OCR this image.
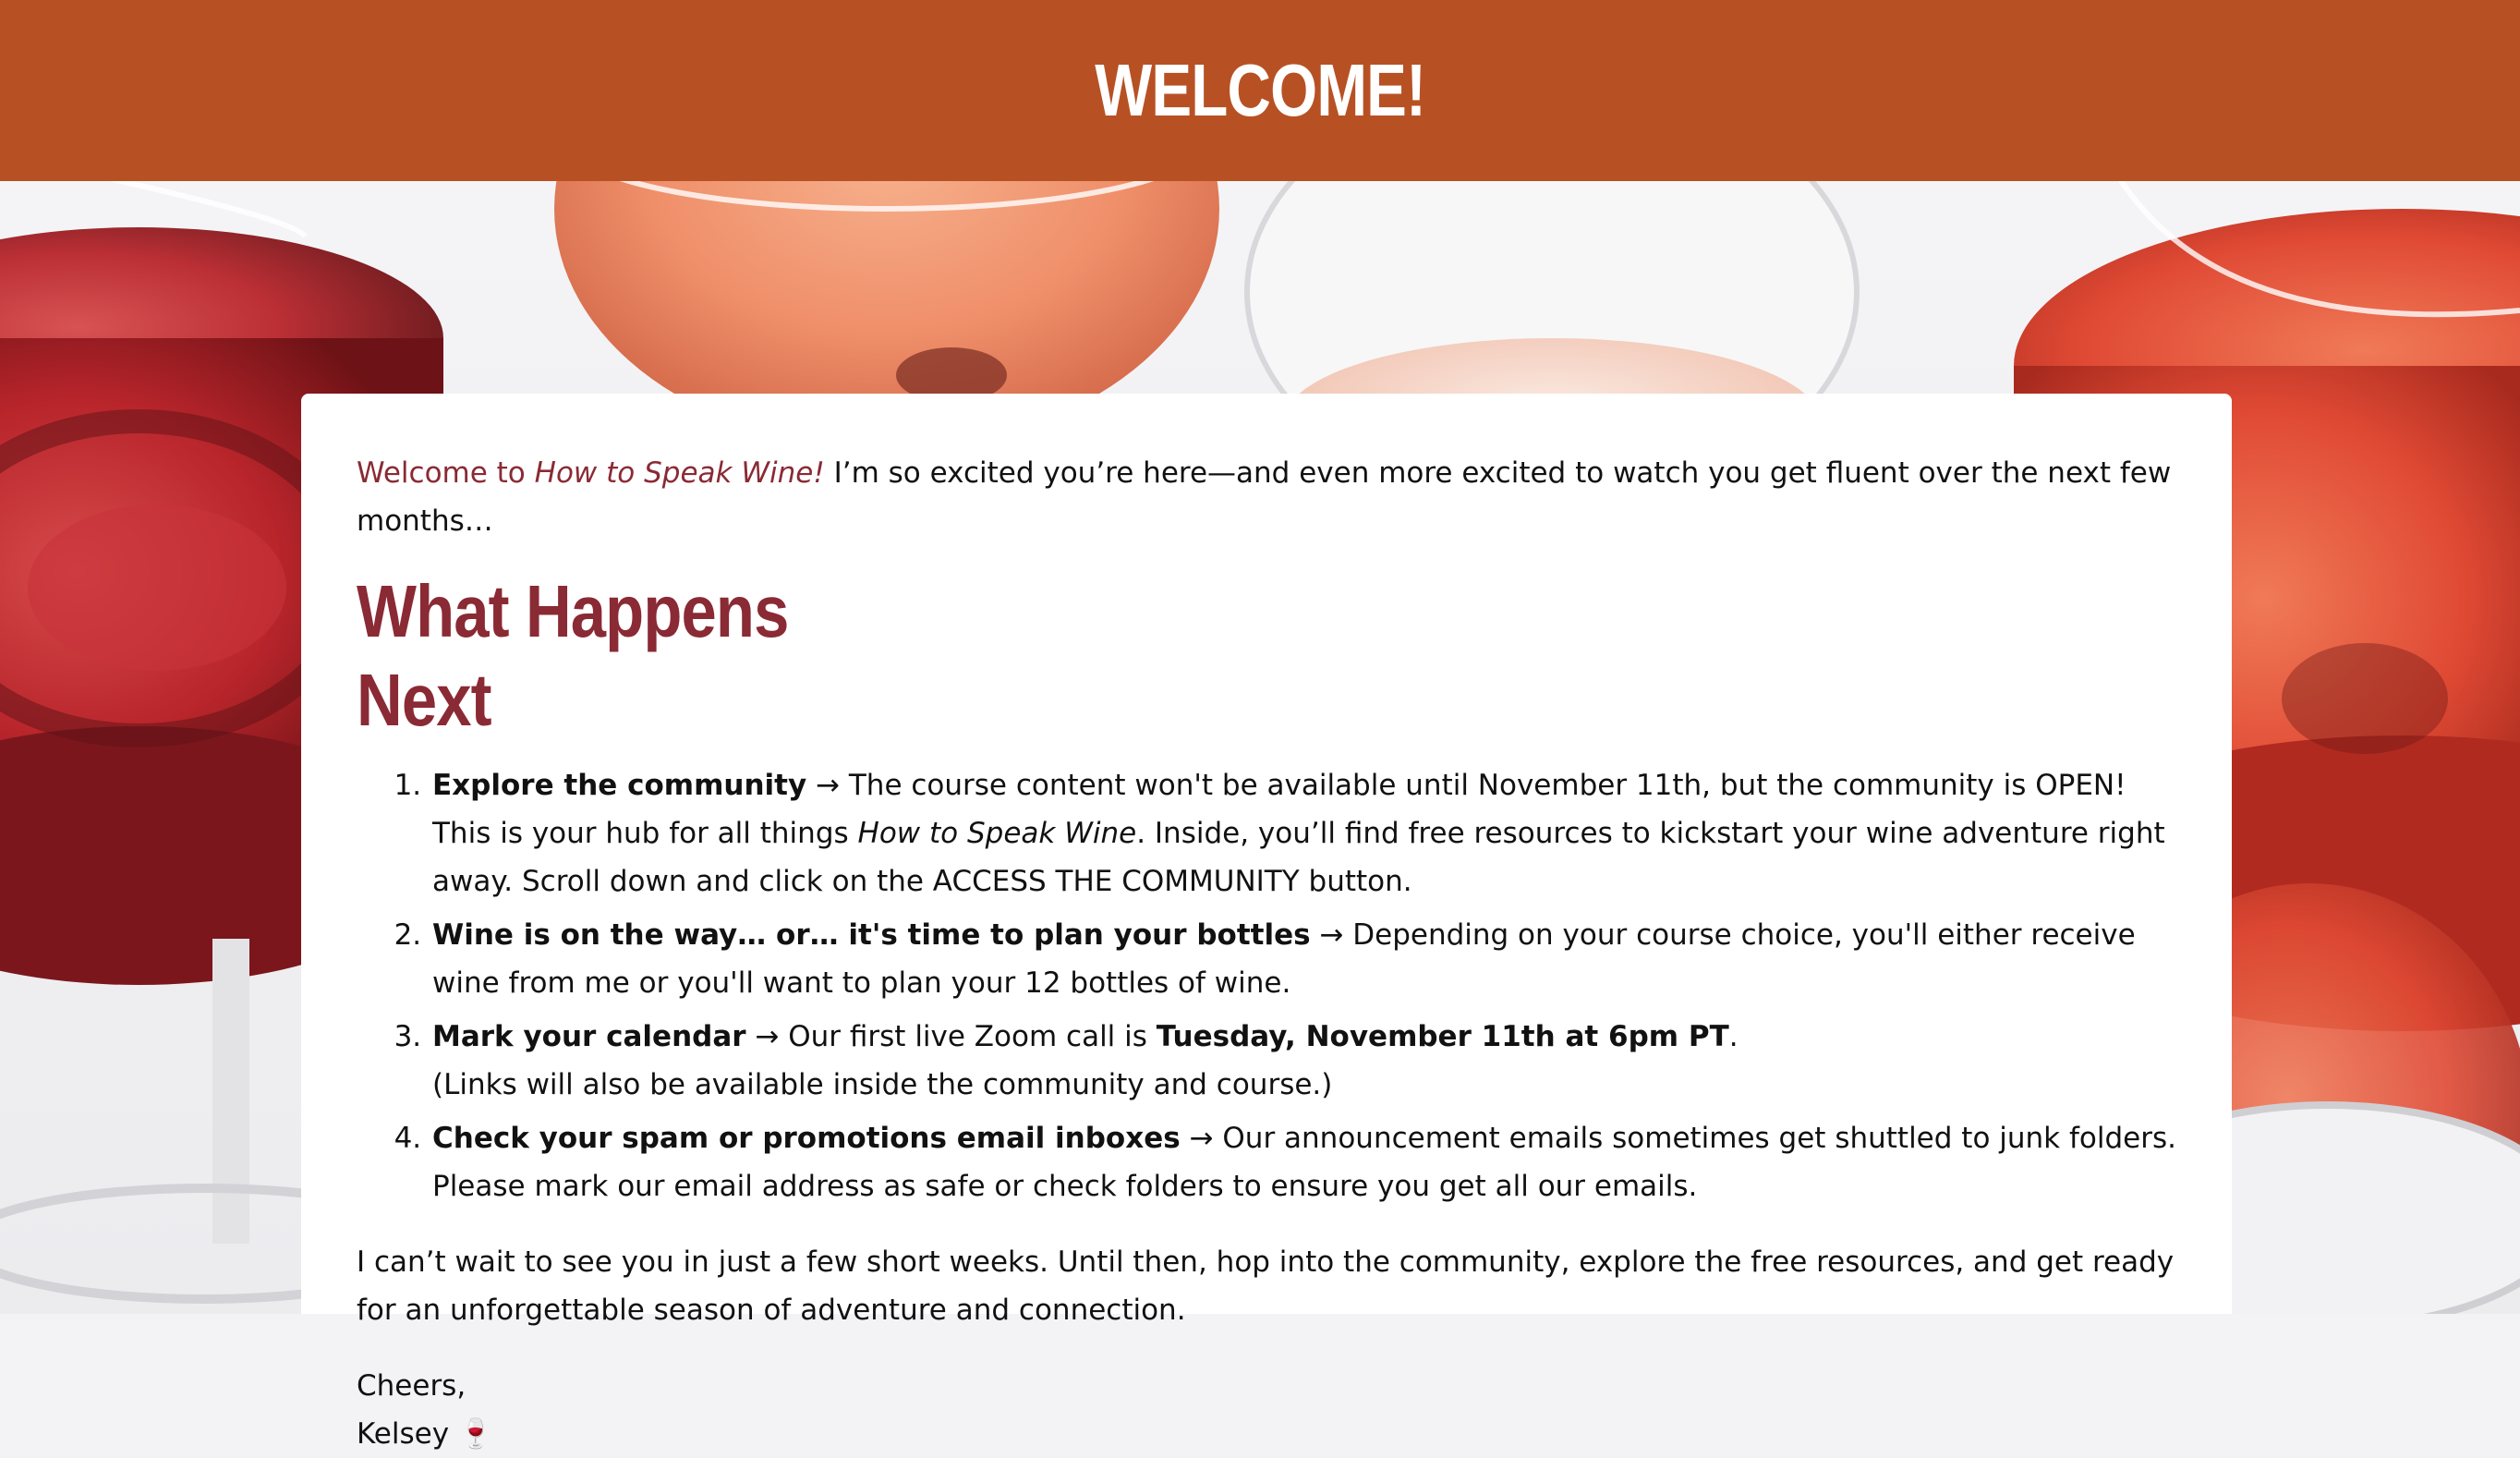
WELCOME!

Welcome to How to Speak Wine! I’m so excited you’re here—and even more excited to watch you get fluent over the next few months…

What Happens Next
1. Explore the community → The course content won't be available until November 11th, but the community is OPEN! This is your hub for all things How to Speak Wine. Inside, you’ll find free resources to kickstart your wine adventure right away. Scroll down and click on the ACCESS THE COMMUNITY button.
2. Wine is on the way… or… it's time to plan your bottles → Depending on your course choice, you'll either receive wine from me or you'll want to plan your 12 bottles of wine.
3. Mark your calendar → Our first live Zoom call is Tuesday, November 11th at 6pm PT.
(Links will also be available inside the community and course.)
4. Check your spam or promotions email inboxes → Our announcement emails sometimes get shuttled to junk folders. Please mark our email address as safe or check folders to ensure you get all our emails.

I can’t wait to see you in just a few short weeks. Until then, hop into the community, explore the free resources, and get ready for an unforgettable season of adventure and connection.

Cheers,
Kelsey 🍷
